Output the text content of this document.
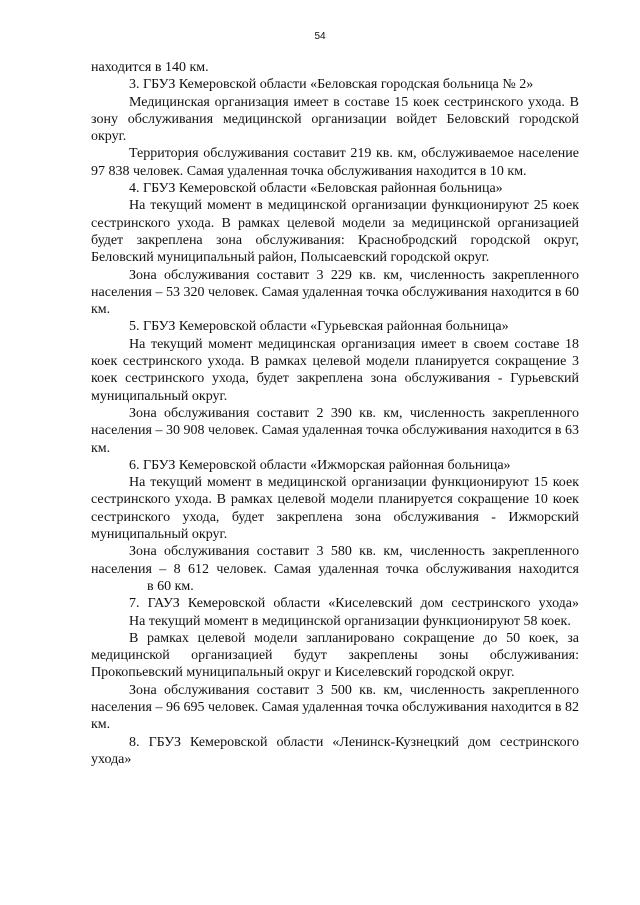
54

находится в 140 км.

3. ГБУЗ Кемеровской области «Беловская городская больница № 2»

Медицинская организация имеет в составе 15 коек сестринского ухода. В зону обслуживания медицинской организации войдет Беловский городской округ.

Территория обслуживания составит 219 кв. км, обслуживаемое население 97 838 человек. Самая удаленная точка обслуживания находится в 10 км.

4. ГБУЗ Кемеровской области «Беловская районная больница»

На текущий момент в медицинской организации функционируют 25 коек сестринского ухода. В рамках целевой модели за медицинской организацией будет закреплена зона обслуживания: Краснобродский городской округ, Беловский муниципальный район, Полысаевский городской округ.

Зона обслуживания составит 3 229 кв. км, численность закрепленного населения – 53 320 человек. Самая удаленная точка обслуживания находится в 60 км.

5. ГБУЗ Кемеровской области «Гурьевская районная больница»

На текущий момент медицинская организация имеет в своем составе 18 коек сестринского ухода. В рамках целевой модели планируется сокращение 3 коек сестринского ухода, будет закреплена зона обслуживания - Гурьевский муниципальный округ.

Зона обслуживания составит 2 390 кв. км, численность закрепленного населения – 30 908 человек. Самая удаленная точка обслуживания находится в 63 км.

6. ГБУЗ Кемеровской области «Ижморская районная больница»

На текущий момент в медицинской организации функционируют 15 коек сестринского ухода. В рамках целевой модели планируется сокращение 10 коек сестринского ухода, будет закреплена зона обслуживания - Ижморский муниципальный округ.

Зона обслуживания составит 3 580 кв. км, численность закрепленного населения – 8 612 человек. Самая удаленная точка обслуживания находитсяв 60 км.

7. ГАУЗ Кемеровской области «Киселевский дом сестринского ухода»

На текущий момент в медицинской организации функционируют 58 коек.

В рамках целевой модели запланировано сокращение до 50 коек, за медицинской организацией будут закреплены зоны обслуживания: Прокопьевский муниципальный округ и Киселевский городской округ.

Зона обслуживания составит 3 500 кв. км, численность закрепленного населения – 96 695 человек. Самая удаленная точка обслуживания находится в 82 км.

8. ГБУЗ Кемеровской области «Ленинск-Кузнецкий дом сестринского ухода»
